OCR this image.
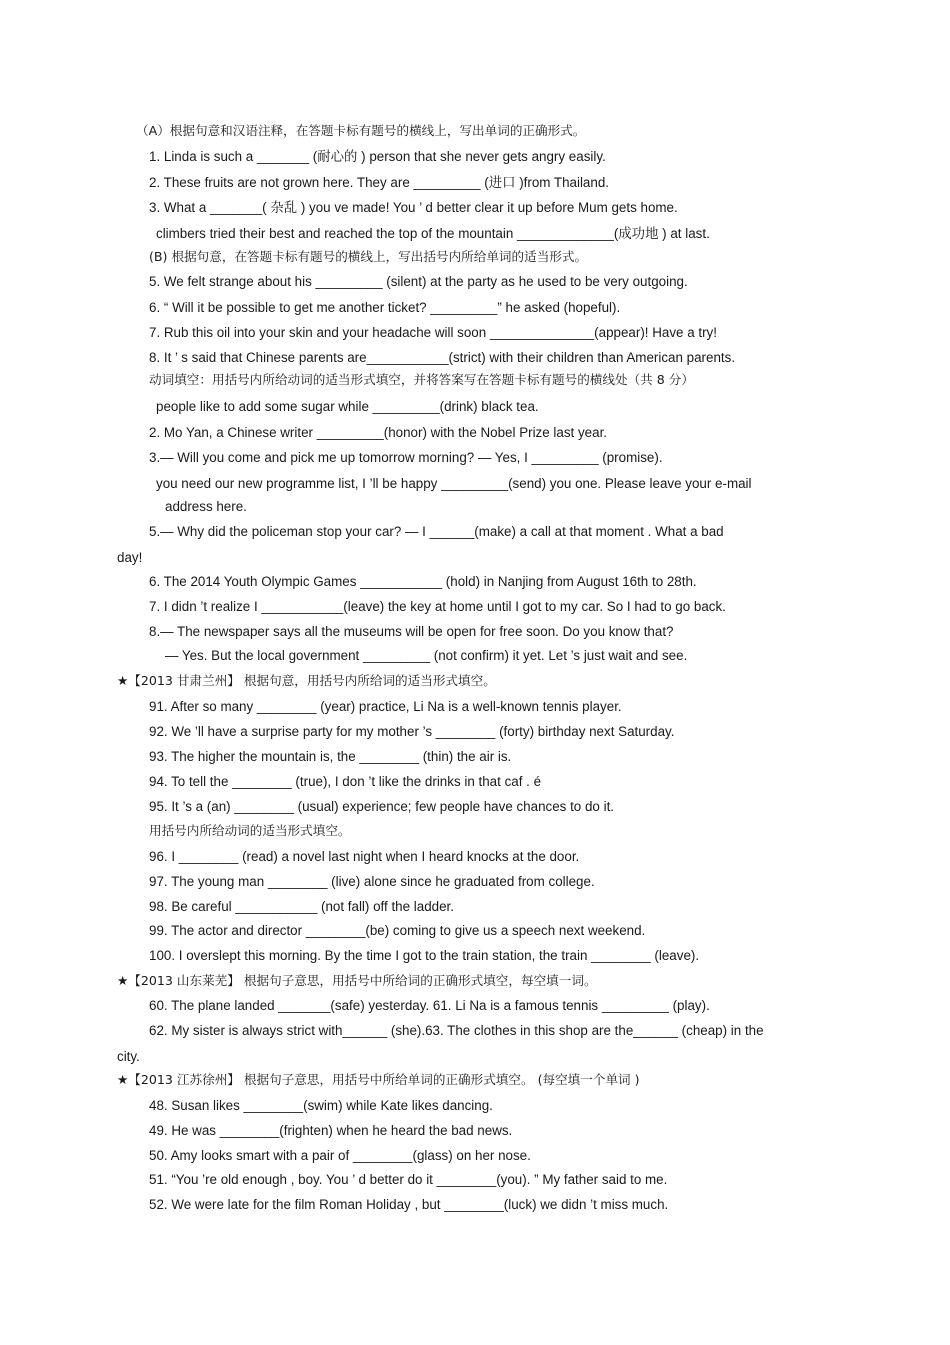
（A）根据句意和汉语注释，在答题卡标有题号的横线上，写出单词的正确形式。
1. Linda is such a _______ (耐心的 ) person that she never gets angry easily.
2. These fruits are not grown here. They are _________ (进口 )from Thailand.
3. What a _______( 杂乱 ) you ve made! You ’ d better clear it up before Mum gets home.
climbers tried their best and reached the top of the mountain _____________(成功地 ) at last.
(B) 根据句意，在答题卡标有题号的横线上，写出括号内所给单词的适当形式。
5. We felt strange about his _________ (silent) at the party as he used to be very outgoing.
6. “ Will it be possible to get me another ticket? _________” he asked (hopeful).
7. Rub this oil into your skin and your headache will soon ______________(appear)! Have a try!
8. It ’ s said that Chinese parents are___________(strict) with their children than American parents.
动词填空：用括号内所给动词的适当形式填空，并将答案写在答题卡标有题号的横线处（共 8 分）
people like to add some sugar while _________(drink) black tea.
2. Mo Yan, a Chinese writer _________(honor) with the Nobel Prize last year.
3.— Will you come and pick me up tomorrow morning? — Yes, I _________ (promise).
you need our new programme list, I ’ll be happy _________(send) you one. Please leave your e-mail
address here.
5.— Why did the policeman stop your car? — I ______(make) a call at that moment . What a bad
day!
6. The 2014 Youth Olympic Games ___________ (hold) in Nanjing from August 16th to 28th.
7. I didn ’t realize I ___________(leave) the key at home until I got to my car. So I had to go back.
8.— The newspaper says all the museums will be open for free soon. Do you know that?
— Yes. But the local government _________ (not confirm) it yet. Let ’s just wait and see.
★【2013 甘肃兰州】 根据句意，用括号内所给词的适当形式填空。
91. After so many ________ (year) practice, Li Na is a well-known tennis player.
92. We ’ll have a surprise party for my mother ’s ________ (forty) birthday next Saturday.
93. The higher the mountain is, the ________ (thin) the air is.
94. To tell the ________ (true), I don ’t like the drinks in that caf . é
95. It ’s a (an) ________ (usual) experience; few people have chances to do it.
用括号内所给动词的适当形式填空。
96. I ________ (read) a novel last night when I heard knocks at the door.
97. The young man ________ (live) alone since he graduated from college.
98. Be careful ___________ (not fall) off the ladder.
99. The actor and director ________(be) coming to give us a speech next weekend.
100. I overslept this morning. By the time I got to the train station, the train ________ (leave).
★【2013 山东莱芜】 根据句子意思，用括号中所给词的正确形式填空，每空填一词。
60. The plane landed _______(safe) yesterday. 61. Li Na is a famous tennis _________ (play).
62. My sister is always strict with______ (she).63. The clothes in this shop are the______ (cheap) in the
city.
★【2013 江苏徐州】 根据句子意思，用括号中所给单词的正确形式填空。 (每空填一个单词 )
48. Susan likes ________(swim) while Kate likes dancing.
49. He was ________(frighten) when he heard the bad news.
50. Amy looks smart with a pair of ________(glass) on her nose.
51. “You ’re old enough , boy. You ’ d better do it ________(you). ” My father said to me.
52. We were late for the film Roman Holiday , but ________(luck) we didn ’t miss much.
